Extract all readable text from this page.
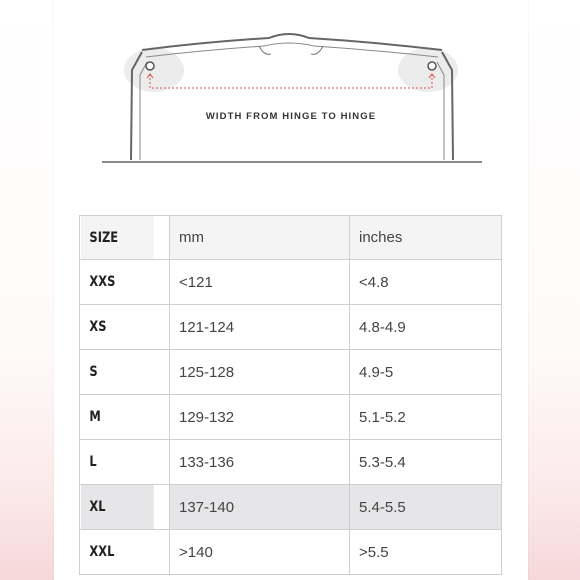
WIDTH FROM HINGE TO HINGE
SIZE	mm	inches
XXS	<121	<4.8
XS	121-124	4.8-4.9
S	125-128	4.9-5
M	129-132	5.1-5.2
L	133-136	5.3-5.4
XL	137-140	5.4-5.5
XXL	>140	>5.5
